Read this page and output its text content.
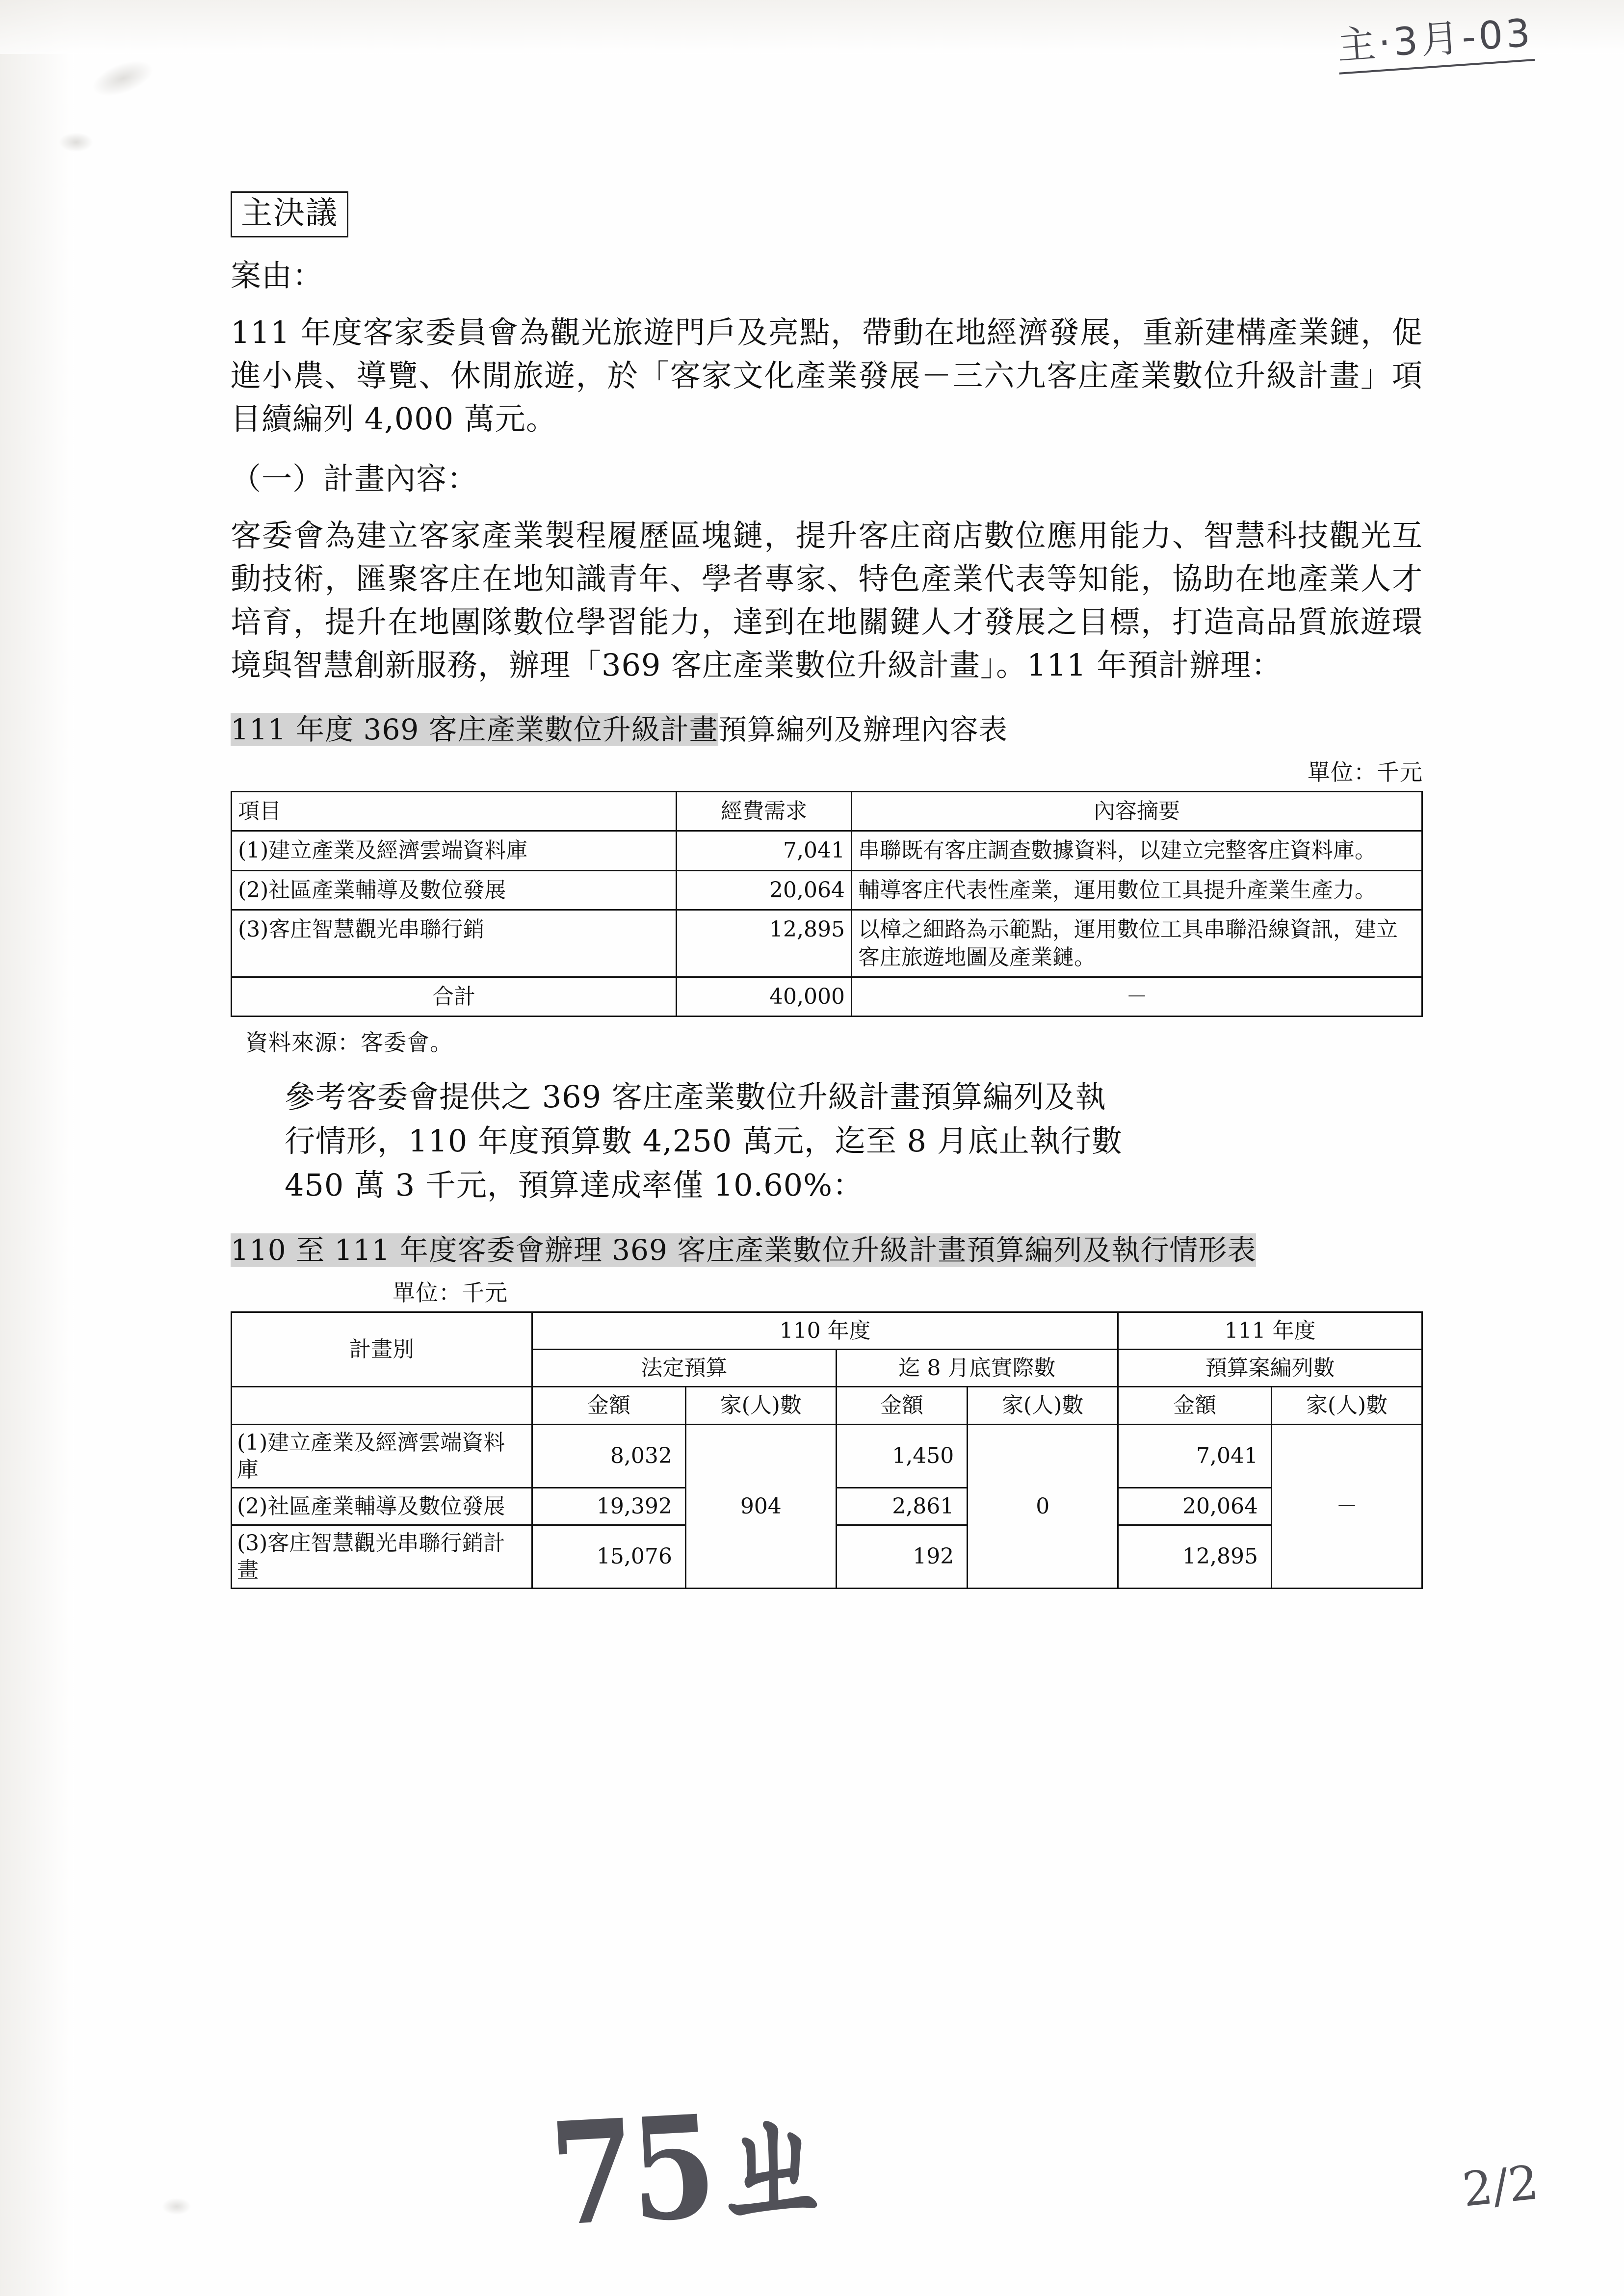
主·3月-03
主決議
案由：
111 年度客家委員會為觀光旅遊門戶及亮點，帶動在地經濟發展，重新建構產業鏈，促進小農、導覽、休閒旅遊，於「客家文化產業發展－三六九客庄產業數位升級計畫」項目續編列 4,000 萬元。
（一）計畫內容：
客委會為建立客家產業製程履歷區塊鏈，提升客庄商店數位應用能力、智慧科技觀光互動技術，匯聚客庄在地知識青年、學者專家、特色產業代表等知能，協助在地產業人才培育，提升在地團隊數位學習能力，達到在地關鍵人才發展之目標，打造高品質旅遊環境與智慧創新服務，辦理「369 客庄產業數位升級計畫」。111 年預計辦理：
111 年度 369 客庄產業數位升級計畫預算編列及辦理內容表
單位：千元
項目	經費需求	內容摘要
(1)建立產業及經濟雲端資料庫	7,041	串聯既有客庄調查數據資料，以建立完整客庄資料庫。
(2)社區產業輔導及數位發展	20,064	輔導客庄代表性產業，運用數位工具提升產業生產力。
(3)客庄智慧觀光串聯行銷	12,895	以樟之細路為示範點，運用數位工具串聯沿線資訊，建立客庄旅遊地圖及產業鏈。
合計	40,000	－
資料來源：客委會。
參考客委會提供之 369 客庄產業數位升級計畫預算編列及執
行情形，110 年度預算數 4,250 萬元，迄至 8 月底止執行數
450 萬 3 千元，預算達成率僅 10.60%：
110 至 111 年度客委會辦理 369 客庄產業數位升級計畫預算編列及執行情形表
單位：千元
計畫別	110 年度				111 年度	
	法定預算		迄 8 月底實際數		預算案編列數	
	金額	家(人)數	金額	家(人)數	金額	家(人)數
(1)建立產業及經濟雲端資料庫	8,032	904	1,450	0	7,041	－
(2)社區產業輔導及數位發展	19,392		2,861		20,064	
(3)客庄智慧觀光串聯行銷計畫	15,076		192		12,895	
75ㄓ	2/2
